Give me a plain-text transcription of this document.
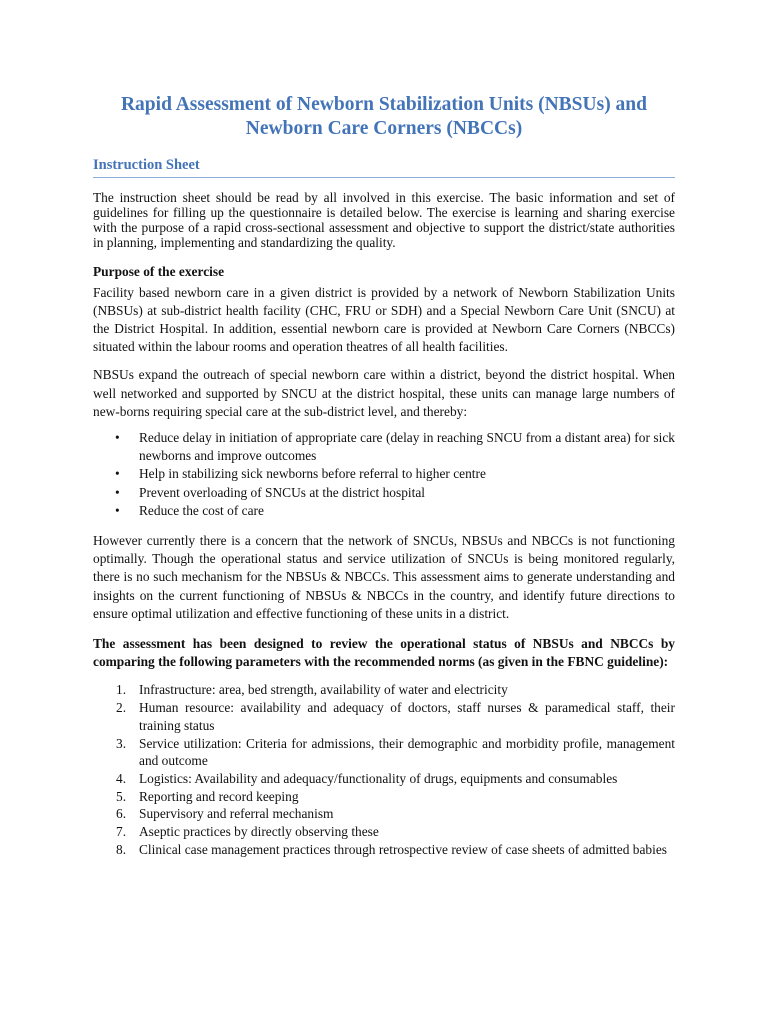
Rapid Assessment of Newborn Stabilization Units (NBSUs) and
Newborn Care Corners (NBCCs)
Instruction Sheet

The instruction sheet should be read by all involved in this exercise. The basic information and set of guidelines for filling up the questionnaire is detailed below. The exercise is learning and sharing exercise with the purpose of a rapid cross-sectional assessment and objective to support the district/state authorities in planning, implementing and standardizing the quality.

Purpose of the exercise

Facility based newborn care in a given district is provided by a network of Newborn Stabilization Units (NBSUs) at sub-district health facility (CHC, FRU or SDH) and a Special Newborn Care Unit (SNCU) at the District Hospital. In addition, essential newborn care is provided at Newborn Care Corners (NBCCs) situated within the labour rooms and operation theatres of all health facilities.

NBSUs expand the outreach of special newborn care within a district, beyond the district hospital. When well networked and supported by SNCU at the district hospital, these units can manage large numbers of new-borns requiring special care at the sub-district level, and thereby:

• Reduce delay in initiation of appropriate care (delay in reaching SNCU from a distant area) for sick newborns and improve outcomes
• Help in stabilizing sick newborns before referral to higher centre
• Prevent overloading of SNCUs at the district hospital
• Reduce the cost of care

However currently there is a concern that the network of SNCUs, NBSUs and NBCCs is not functioning optimally. Though the operational status and service utilization of SNCUs is being monitored regularly, there is no such mechanism for the NBSUs & NBCCs. This assessment aims to generate understanding and insights on the current functioning of NBSUs & NBCCs in the country, and identify future directions to ensure optimal utilization and effective functioning of these units in a district.

The assessment has been designed to review the operational status of NBSUs and NBCCs by comparing the following parameters with the recommended norms (as given in the FBNC guideline):

1. Infrastructure: area, bed strength, availability of water and electricity
2. Human resource: availability and adequacy of doctors, staff nurses & paramedical staff, their training status
3. Service utilization: Criteria for admissions, their demographic and morbidity profile, management and outcome
4. Logistics: Availability and adequacy/functionality of drugs, equipments and consumables
5. Reporting and record keeping
6. Supervisory and referral mechanism
7. Aseptic practices by directly observing these
8. Clinical case management practices through retrospective review of case sheets of admitted babies
